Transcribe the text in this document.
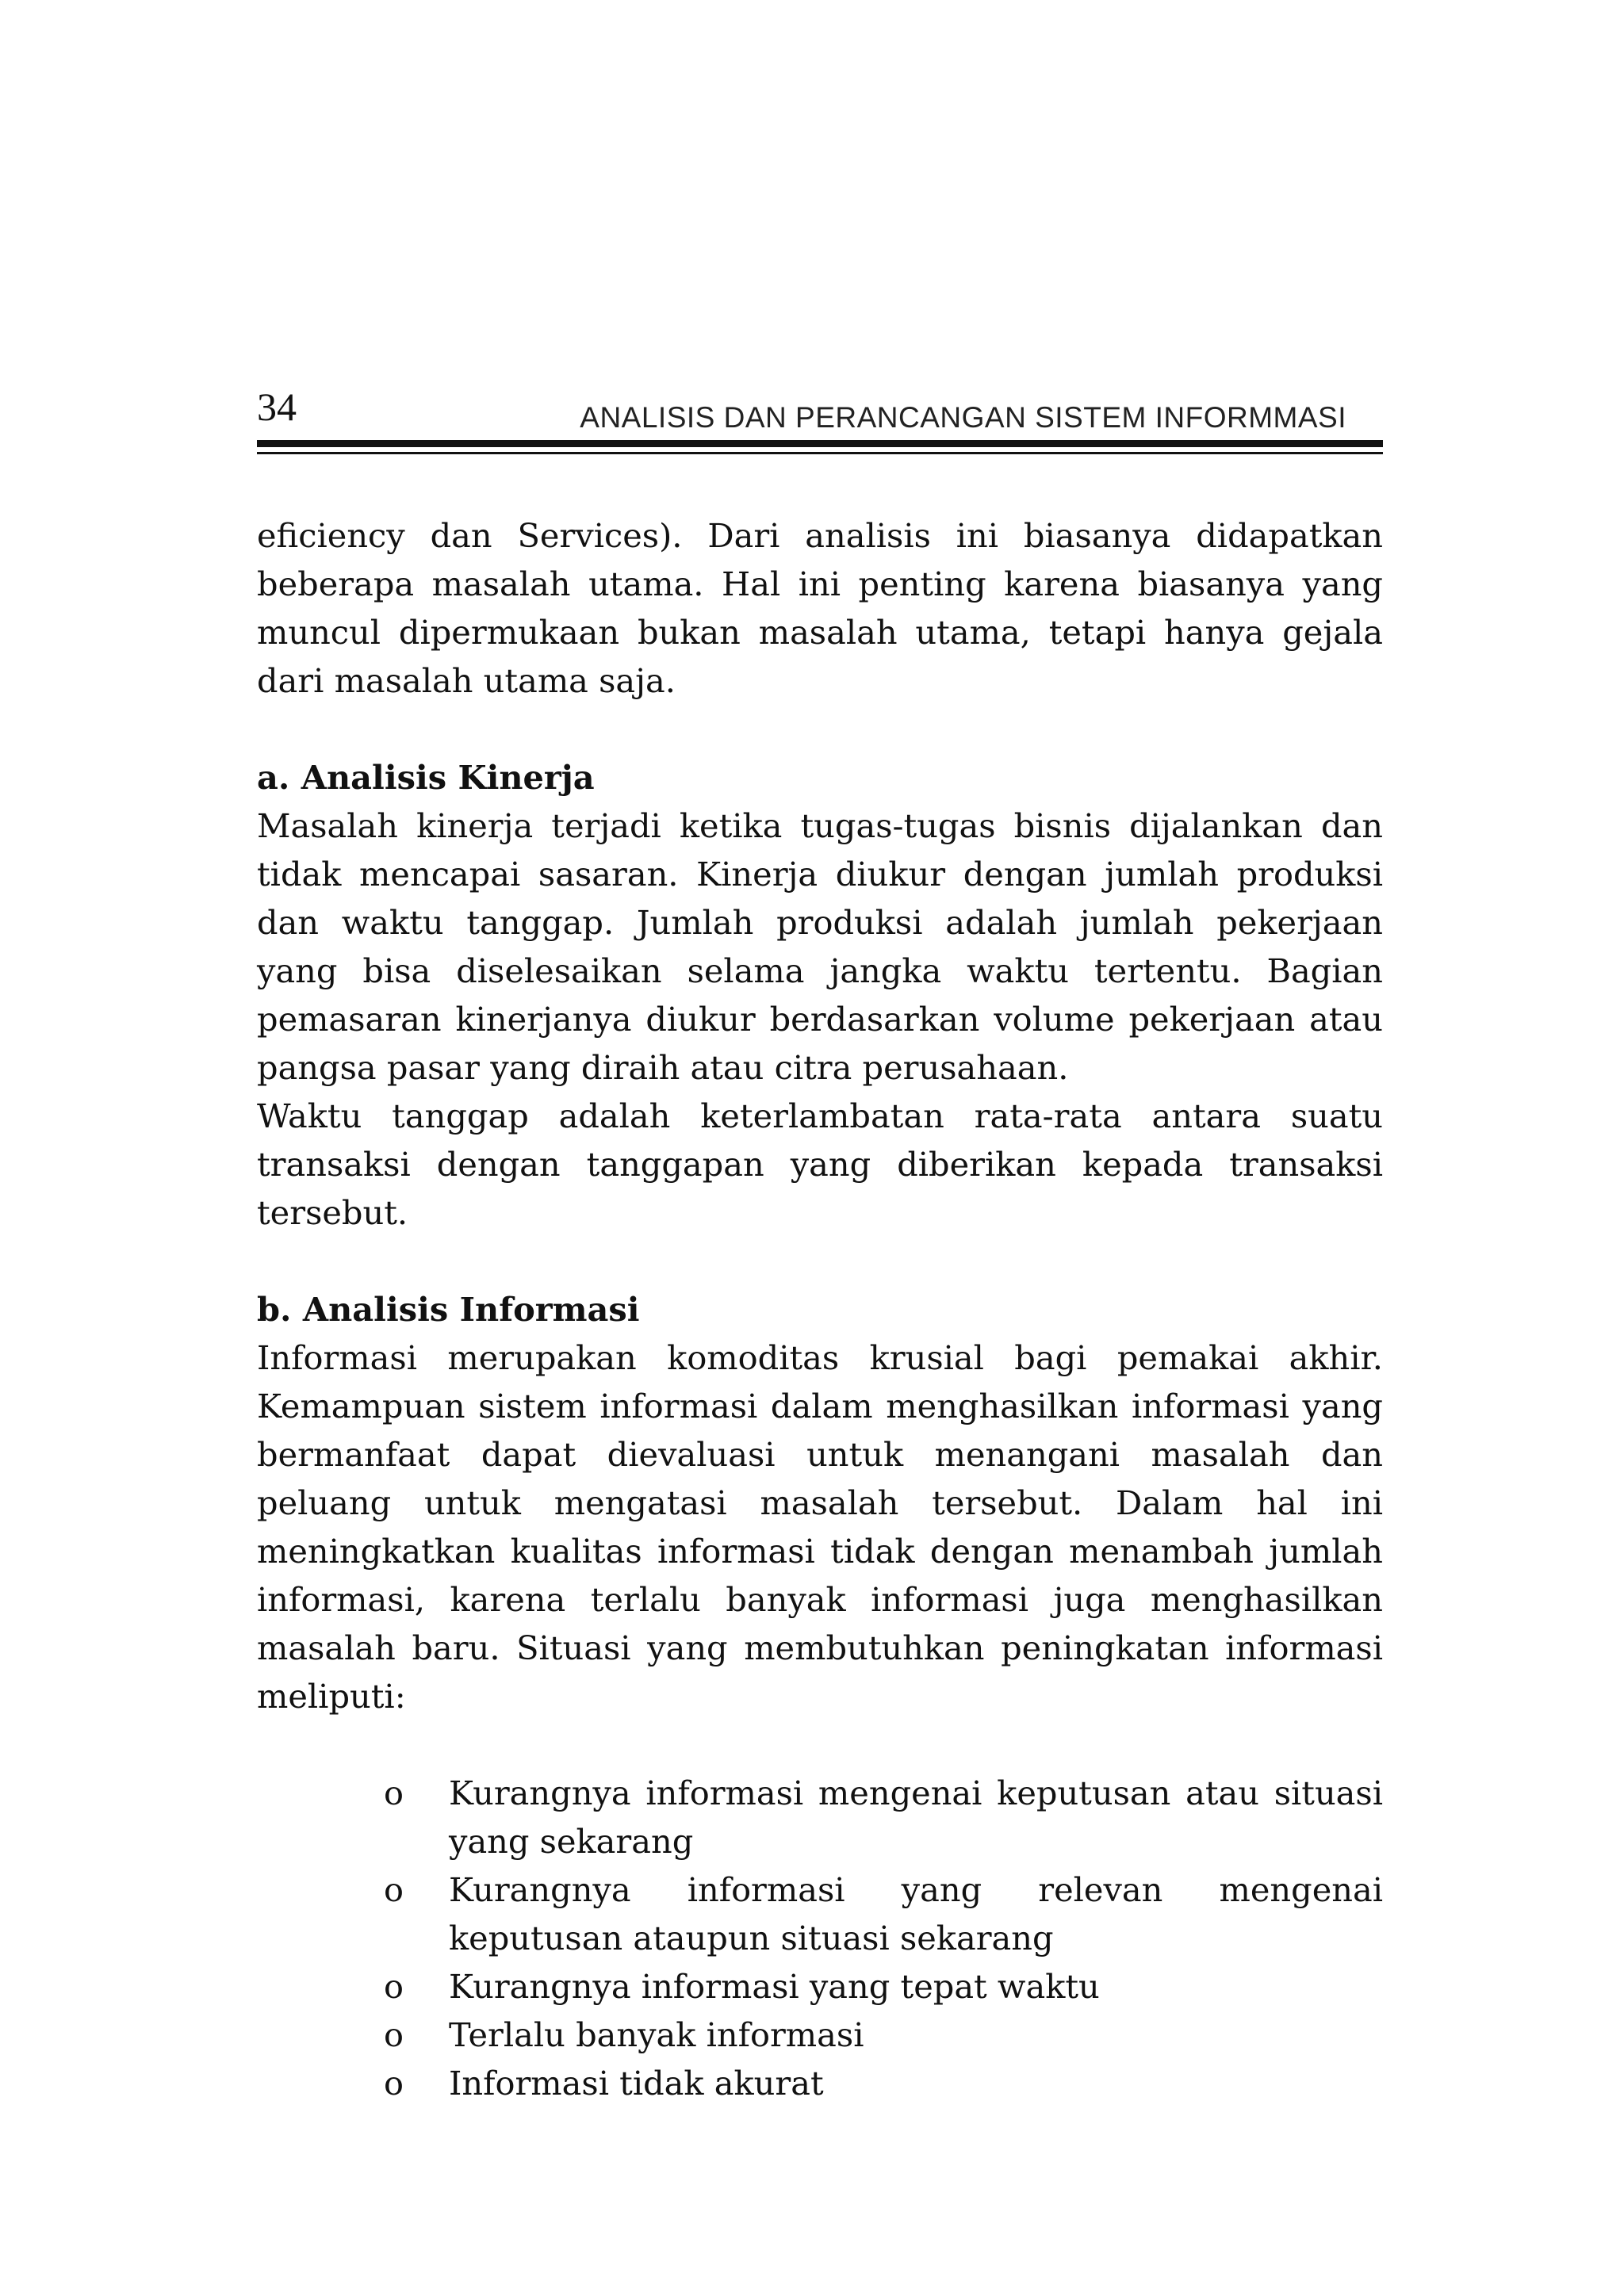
34	ANALISIS DAN PERANCANGAN SISTEM INFORMMASI

eficiency dan Services). Dari analisis ini biasanya didapatkan beberapa masalah utama. Hal ini penting karena biasanya yang muncul dipermukaan bukan masalah utama, tetapi hanya gejala dari masalah utama saja.

a. Analisis Kinerja

Masalah kinerja terjadi ketika tugas-tugas bisnis dijalankan dan tidak mencapai sasaran. Kinerja diukur dengan jumlah produksi dan waktu tanggap. Jumlah produksi adalah jumlah pekerjaan yang bisa diselesaikan selama jangka waktu tertentu. Bagian pemasaran kinerjanya diukur berdasarkan volume pekerjaan atau pangsa pasar yang diraih atau citra perusahaan.

Waktu tanggap adalah keterlambatan rata-rata antara suatu transaksi dengan tanggapan yang diberikan kepada transaksi tersebut.

b. Analisis Informasi

Informasi merupakan komoditas krusial bagi pemakai akhir. Kemampuan sistem informasi dalam menghasilkan informasi yang bermanfaat dapat dievaluasi untuk menangani masalah dan peluang untuk mengatasi masalah tersebut. Dalam hal ini meningkatkan kualitas informasi tidak dengan menambah jumlah informasi, karena terlalu banyak informasi juga menghasilkan masalah baru. Situasi yang membutuhkan peningkatan informasi meliputi:

o Kurangnya informasi mengenai keputusan atau situasi yang sekarang
o Kurangnya informasi yang relevan mengenai keputusan ataupun situasi sekarang
o Kurangnya informasi yang tepat waktu
o Terlalu banyak informasi
o Informasi tidak akurat
